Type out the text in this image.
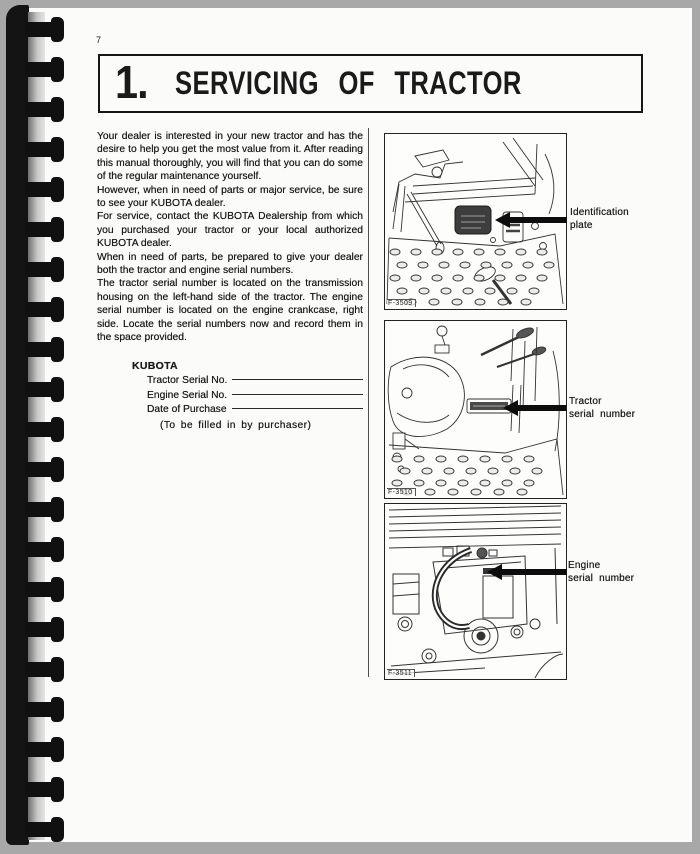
7
1. SERVICING OF TRACTOR

Your dealer is interested in your new tractor and has the desire to help you get the most value from it. After reading this manual thoroughly, you will find that you can do some of the regular maintenance yourself.

However, when in need of parts or major service, be sure to see your KUBOTA dealer.

For service, contact the KUBOTA Dealership from which you purchased your tractor or your local authorized KUBOTA dealer.

When in need of parts, be prepared to give your dealer both the tractor and engine serial numbers.

The tractor serial number is located on the transmission housing on the left-hand side of the tractor. The engine serial number is located on the engine crankcase, right side. Locate the serial numbers now and record them in the space provided.

KUBOTA
Tractor Serial No.
Engine Serial No.
Date of Purchase
(To be filled in by purchaser)
F-3509
F-3510
F-3511
Identification
plate
Tractor
serial number
Engine
serial number
